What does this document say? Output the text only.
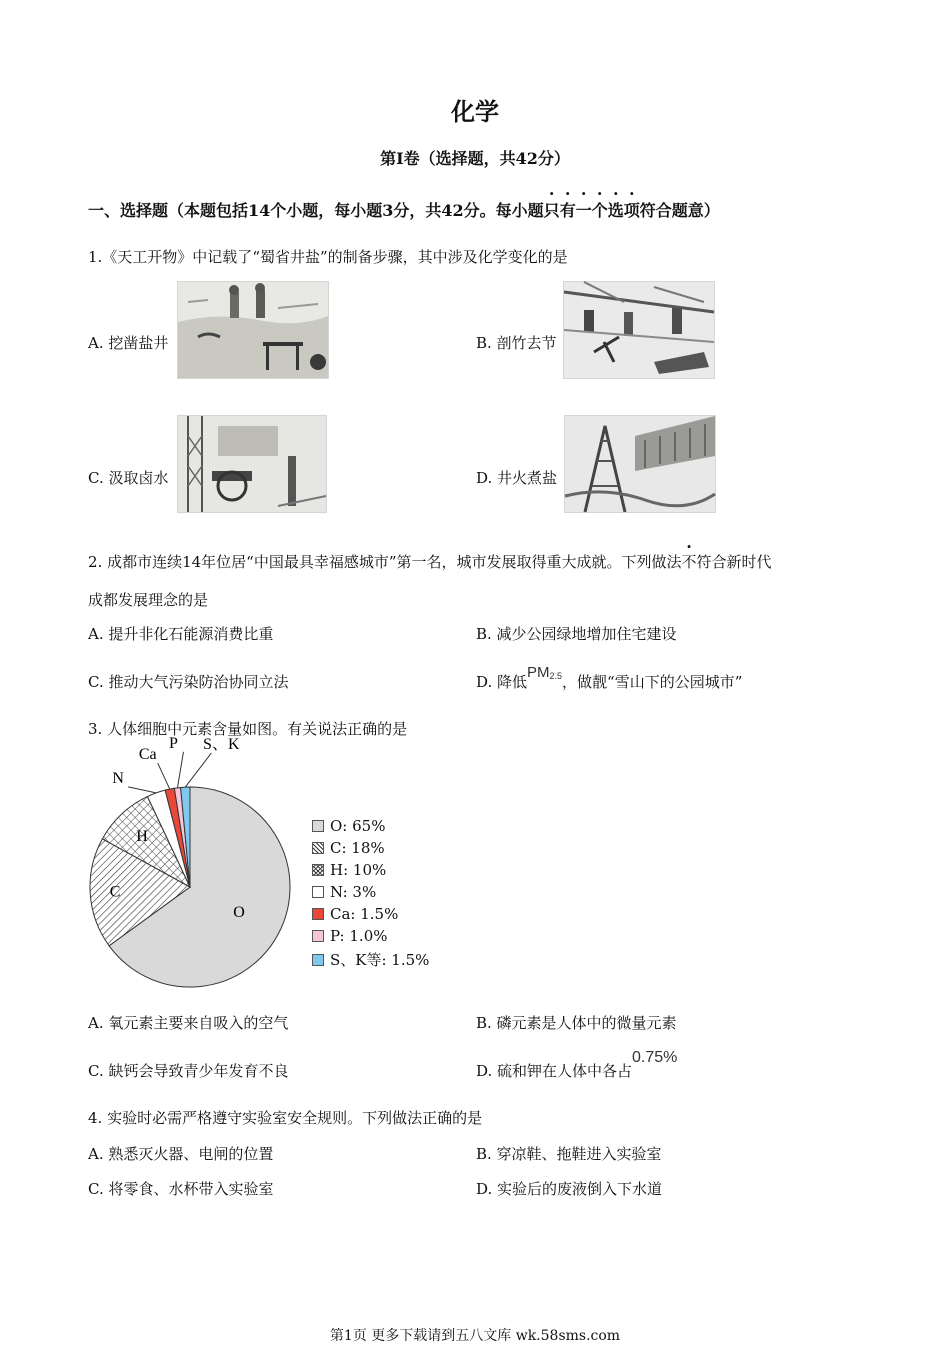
化学
第I卷（选择题，共42分）
一、选择题（本题包括14个小题，每小题3分，共42分。每小题只有一个选项符合题意）
1.《天工开物》中记载了“蜀省井盐”的制备步骤，其中涉及化学变化的是
A. 挖凿盐井	B. 剖竹去节
C. 汲取卤水	D. 井火煮盐
2. 成都市连续14年位居“中国最具幸福感城市”第一名，城市发展取得重大成就。下列做法不符合新时代
成都发展理念的是
A. 提升非化石能源消费比重	B. 减少公园绿地增加住宅建设
C. 推动大气污染防治协同立法	D. 降低PM2.5，做靓“雪山下的公园城市”
3. 人体细胞中元素含量如图。有关说法正确的是
O
C
H
N
Ca
P S、K
O: 65%
C: 18%
H: 10%
N: 3%
Ca: 1.5%
P: 1.0%
S、K等: 1.5%
A. 氧元素主要来自吸入的空气	B. 磷元素是人体中的微量元素
C. 缺钙会导致青少年发育不良	D. 硫和钾在人体中各占0.75%
4. 实验时必需严格遵守实验室安全规则。下列做法正确的是
A. 熟悉灭火器、电闸的位置	B. 穿凉鞋、拖鞋进入实验室
C. 将零食、水杯带入实验室	D. 实验后的废液倒入下水道
第1页 更多下载请到五八文库 wk.58sms.com
